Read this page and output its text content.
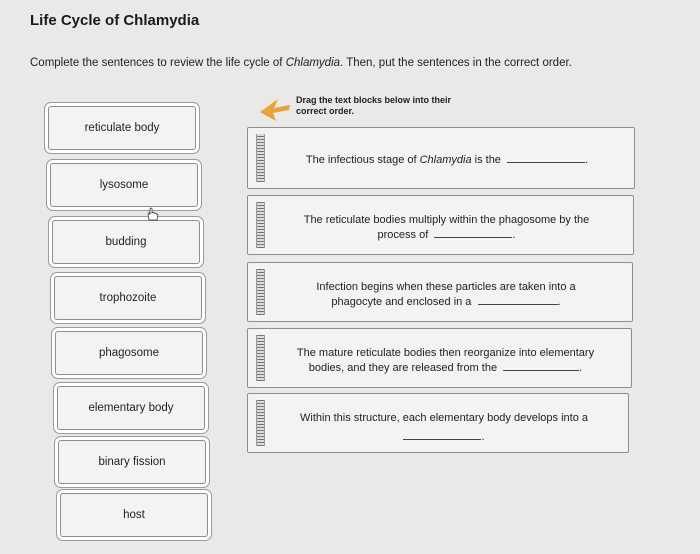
Life Cycle of Chlamydia
Complete the sentences to review the life cycle of Chlamydia. Then, put the sentences in the correct order.
reticulate body
lysosome
budding
trophozoite
phagosome
elementary body
binary fission
host
Drag the text blocks below into their
correct order.
The infectious stage of Chlamydia is the	.
The reticulate bodies multiply within the phagosome by the
process of	.
Infection begins when these particles are taken into a
phagocyte and enclosed in a	.
The mature reticulate bodies then reorganize into elementary
bodies, and they are released from the	.
Within this structure, each elementary body develops into a
.
